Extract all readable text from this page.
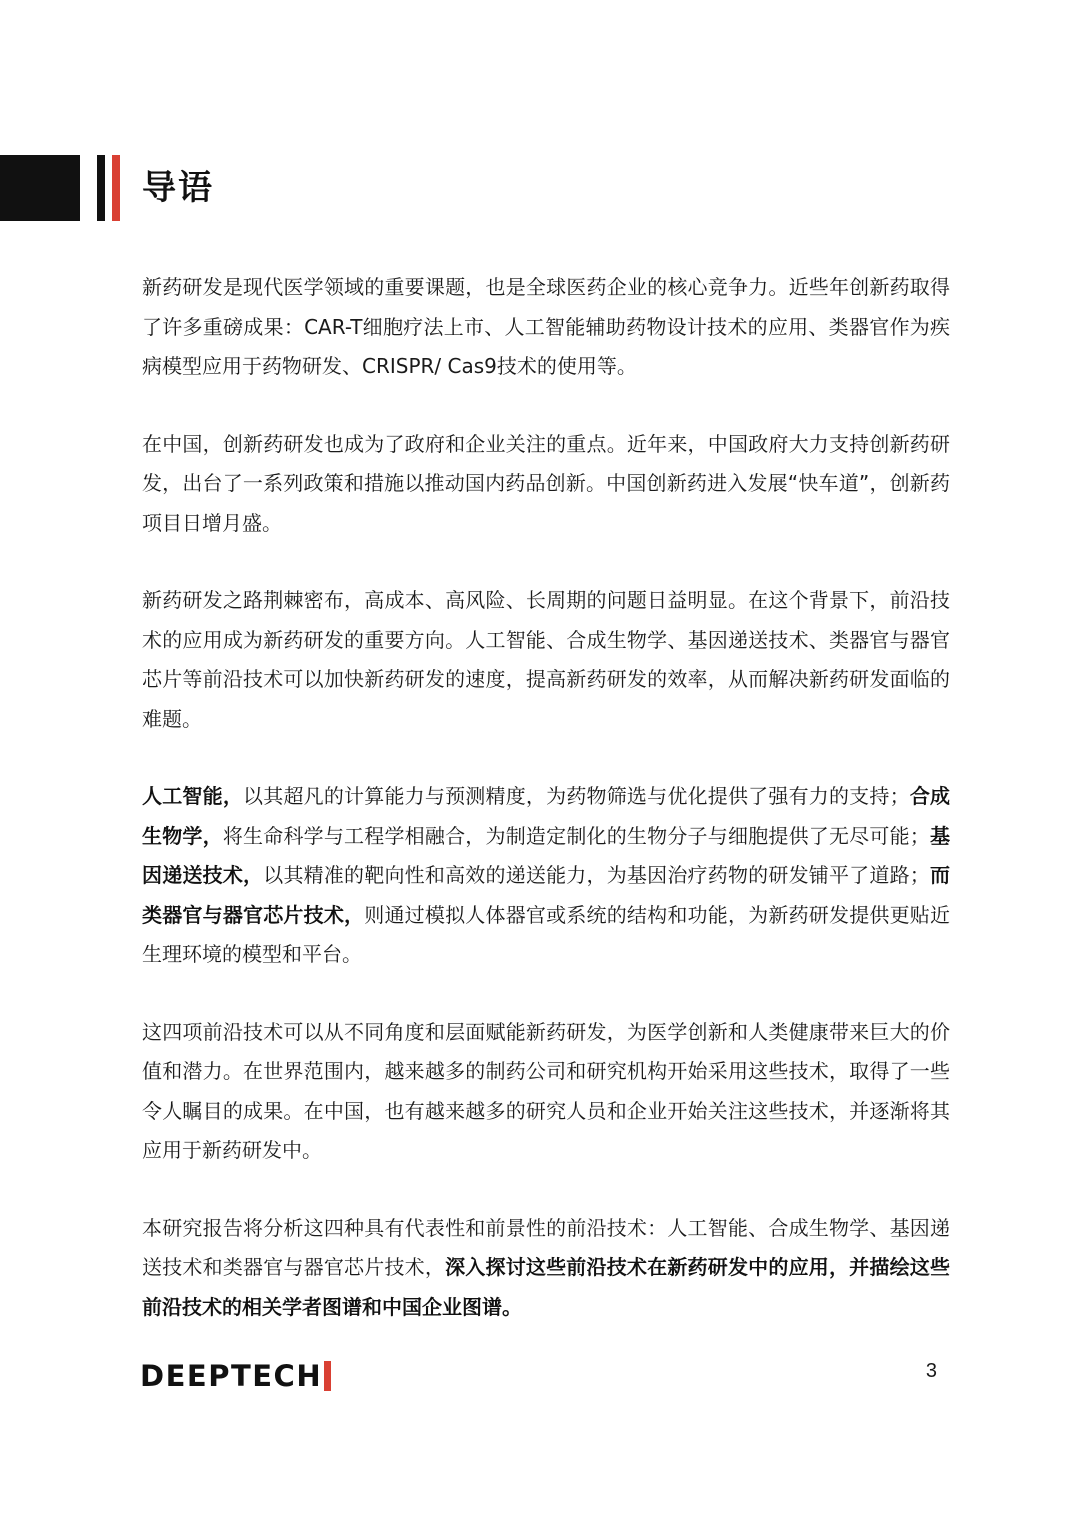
导语

新药研发是现代医学领域的重要课题，也是全球医药企业的核心竞争力。近些年创新药取得了许多重磅成果：CAR-T细胞疗法上市、人工智能辅助药物设计技术的应用、类器官作为疾病模型应用于药物研发、CRISPR/ Cas9技术的使用等。

在中国，创新药研发也成为了政府和企业关注的重点。近年来，中国政府大力支持创新药研发，出台了一系列政策和措施以推动国内药品创新。中国创新药进入发展“快车道”，创新药项目日增月盛。

新药研发之路荆棘密布，高成本、高风险、长周期的问题日益明显。在这个背景下，前沿技术的应用成为新药研发的重要方向。人工智能、合成生物学、基因递送技术、类器官与器官芯片等前沿技术可以加快新药研发的速度，提高新药研发的效率，从而解决新药研发面临的难题。

人工智能，以其超凡的计算能力与预测精度，为药物筛选与优化提供了强有力的支持；合成生物学，将生命科学与工程学相融合，为制造定制化的生物分子与细胞提供了无尽可能；基因递送技术，以其精准的靶向性和高效的递送能力，为基因治疗药物的研发铺平了道路；而类器官与器官芯片技术，则通过模拟人体器官或系统的结构和功能，为新药研发提供更贴近生理环境的模型和平台。

这四项前沿技术可以从不同角度和层面赋能新药研发，为医学创新和人类健康带来巨大的价值和潜力。在世界范围内，越来越多的制药公司和研究机构开始采用这些技术，取得了一些令人瞩目的成果。在中国，也有越来越多的研究人员和企业开始关注这些技术，并逐渐将其应用于新药研发中。

本研究报告将分析这四种具有代表性和前景性的前沿技术：人工智能、合成生物学、基因递送技术和类器官与器官芯片技术，深入探讨这些前沿技术在新药研发中的应用，并描绘这些前沿技术的相关学者图谱和中国企业图谱。

DEEPTECH	3
